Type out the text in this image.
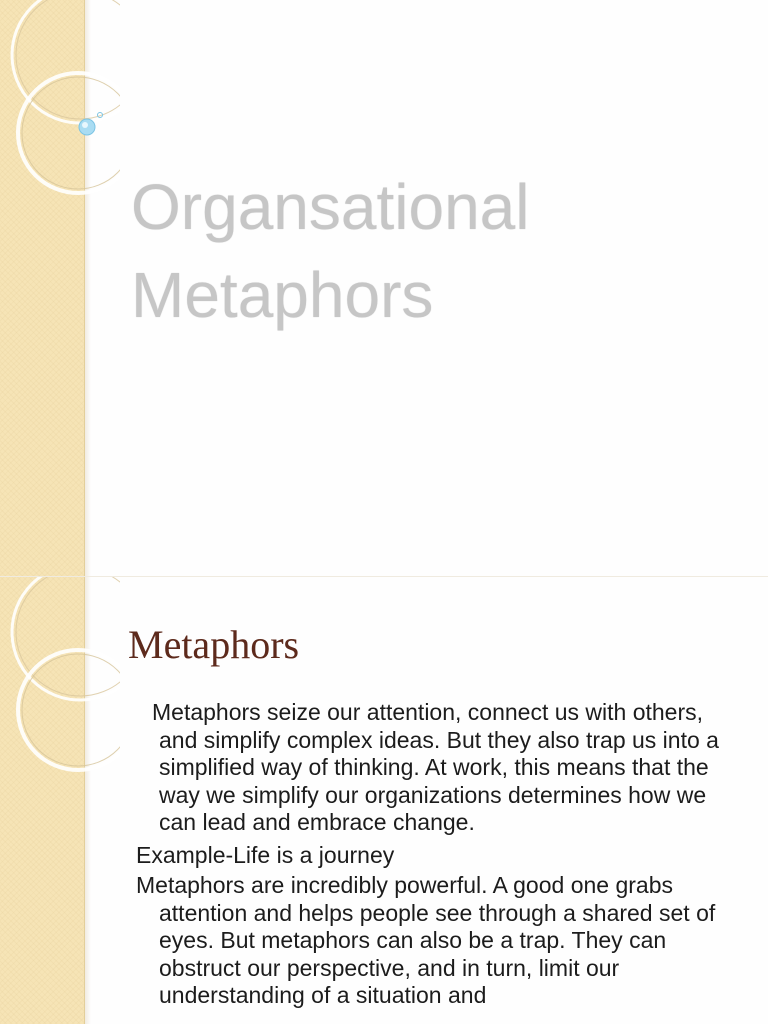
Organsational
Metaphors
Metaphors

Metaphors seize our attention, connect us with others, and simplify complex ideas. But they also trap us into a simplified way of thinking. At work, this means that the way we simplify our organizations determines how we can lead and embrace change.

Example-Life is a journey

Metaphors are incredibly powerful. A good one grabs attention and helps people see through a shared set of eyes. But metaphors can also be a trap. They can obstruct our perspective, and in turn, limit our understanding of a situation and
